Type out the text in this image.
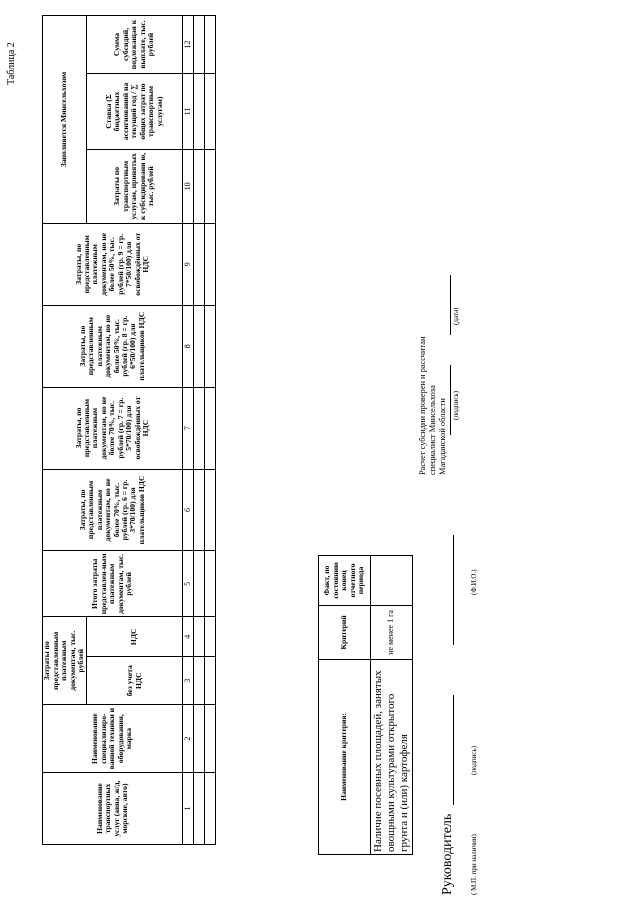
Таблица 2
Наименование транспортных услуг (авиа, ж/д, морские, авто)	Наименование специализиро-ванной техники и оборудования, марка	Затраты по представленным платежным документам, тыс. рублей		Итого затраты представлен-ным платежным документам, тыс. рублей	Затраты, по представленным платежным документам, но не более 70%, тыс. рублей (гр. 6 = гр. 3*70/100) для плательщиков НДС	Затраты, по представленным платежным документам, но не более 70%, тыс. рублей (гр. 7 = гр. 5*70/100) для освобождённых от НДС	Затраты, по представленным платежным документам, но не более 50%, тыс. рублей (гр. 8 = гр. 6*50/100) для плательщиков НДС	Затраты, по представленным платежным документам, но не более 50%, тыс. рублей (гр. 9 = гр. 7*50/100) для освобождённых от НДС	Заполняется Минсельхозом		
		без учета НДС	НДС						Затраты по транспортным услугам, принятых к субсидировани ю, тыс. рублей	Ставка (Σ бюджетных ассигнований на текущий год / ∑ общих затрат по транспортным услугам)	Сумма субсидий, подлежащая к выплате, тыс. рублей
1	2	3	4	5	6	7	8	9	10	11	12

Наименование критерия:	Критерий	Факт, по состоянию конец отчетного периода
Наличие посевных площадей, занятых овощными культурами открытого грунта и (или) картофеля	не менее 1 га	
Расчет субсидии проверен и рассчитан специалист Минсельхоза Магаданской области (подпись)
(дата)
Руководитель ( М.П. при наличии)
(подпись)
(Ф.И.О.)
